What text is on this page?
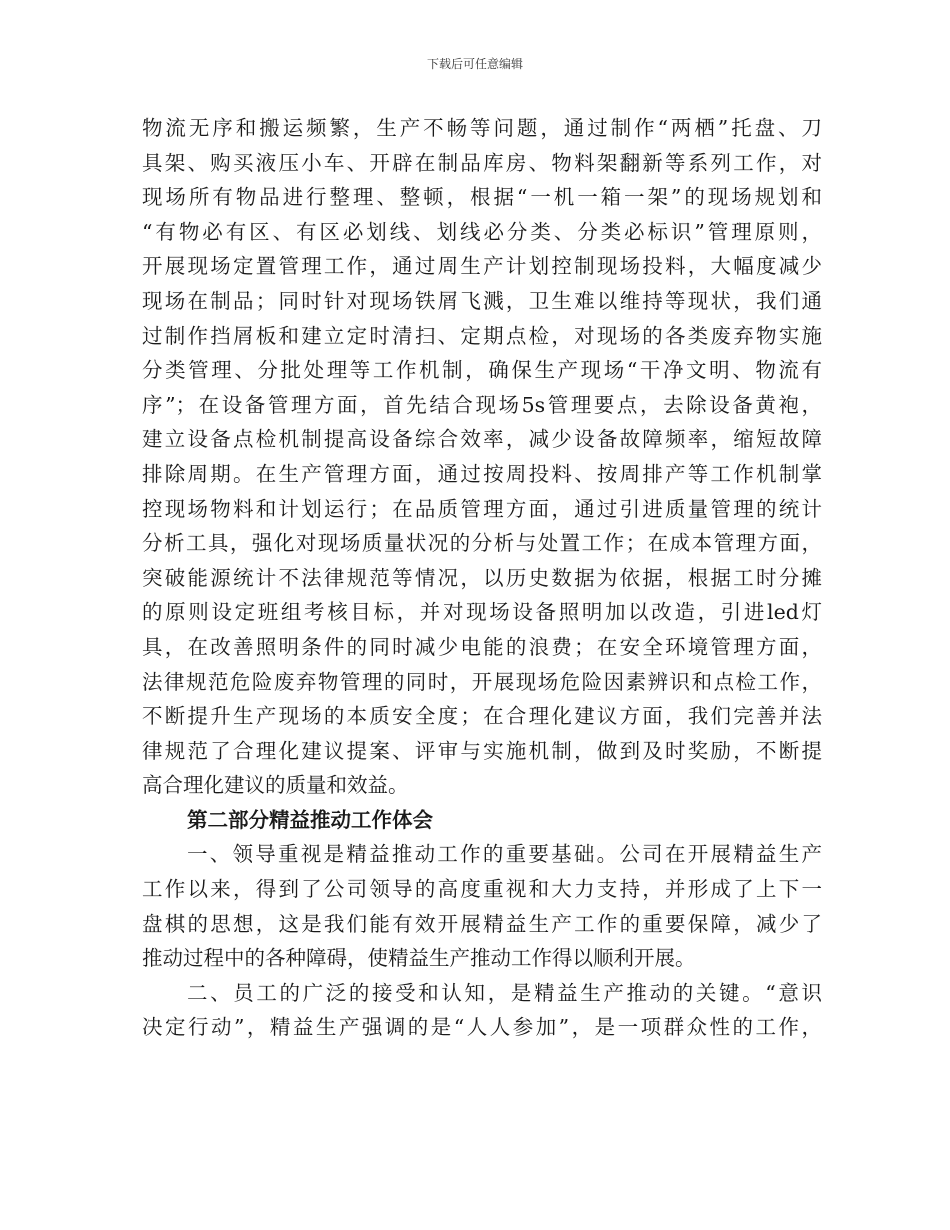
下载后可任意编辑
物流无序和搬运频繁，生产不畅等问题，通过制作“两栖”托盘、刀
具架、购买液压小车、开辟在制品库房、物料架翻新等系列工作，对
现场所有物品进行整理、整顿，根据“一机一箱一架”的现场规划和
“有物必有区、有区必划线、划线必分类、分类必标识”管理原则，
开展现场定置管理工作，通过周生产计划控制现场投料，大幅度减少
现场在制品；同时针对现场铁屑飞溅，卫生难以维持等现状，我们通
过制作挡屑板和建立定时清扫、定期点检，对现场的各类废弃物实施
分类管理、分批处理等工作机制，确保生产现场“干净文明、物流有
序”；在设备管理方面，首先结合现场5s管理要点，去除设备黄袍，
建立设备点检机制提高设备综合效率，减少设备故障频率，缩短故障
排除周期。在生产管理方面，通过按周投料、按周排产等工作机制掌
控现场物料和计划运行；在品质管理方面，通过引进质量管理的统计
分析工具，强化对现场质量状况的分析与处置工作；在成本管理方面，
突破能源统计不法律规范等情况，以历史数据为依据，根据工时分摊
的原则设定班组考核目标，并对现场设备照明加以改造，引进led灯
具，在改善照明条件的同时减少电能的浪费；在安全环境管理方面，
法律规范危险废弃物管理的同时，开展现场危险因素辨识和点检工作，
不断提升生产现场的本质安全度；在合理化建议方面，我们完善并法
律规范了合理化建议提案、评审与实施机制，做到及时奖励，不断提
高合理化建议的质量和效益。
第二部分精益推动工作体会
一、领导重视是精益推动工作的重要基础。公司在开展精益生产
工作以来，得到了公司领导的高度重视和大力支持，并形成了上下一
盘棋的思想，这是我们能有效开展精益生产工作的重要保障，减少了
推动过程中的各种障碍，使精益生产推动工作得以顺利开展。
二、员工的广泛的接受和认知，是精益生产推动的关键。“意识
决定行动”，精益生产强调的是“人人参加”，是一项群众性的工作，
